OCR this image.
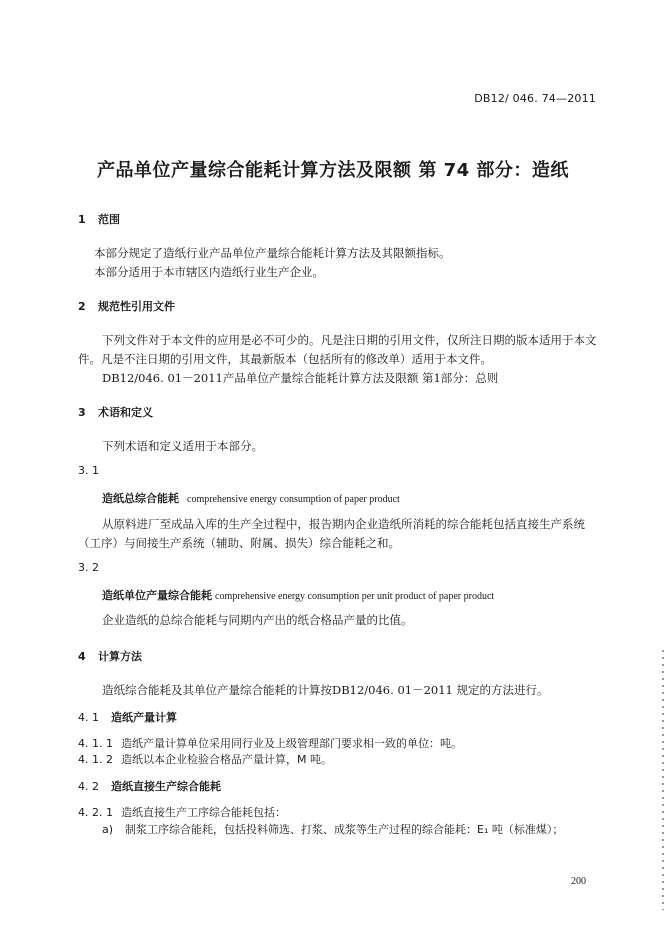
DB12/ 046. 74—2011
产品单位产量综合能耗计算方法及限额 第 74 部分：造纸
1 范围
本部分规定了造纸行业产品单位产量综合能耗计算方法及其限额指标。
本部分适用于本市辖区内造纸行业生产企业。
2 规范性引用文件
下列文件对于本文件的应用是必不可少的。凡是注日期的引用文件，仅所注日期的版本适用于本文
件。凡是不注日期的引用文件，其最新版本（包括所有的修改单）适用于本文件。
DB12/046. 01－2011产品单位产量综合能耗计算方法及限额 第1部分：总则
3 术语和定义
下列术语和定义适用于本部分。
3. 1
造纸总综合能耗 comprehensive energy consumption of paper product
从原料进厂至成品入库的生产全过程中，报告期内企业造纸所消耗的综合能耗包括直接生产系统
（工序）与间接生产系统（辅助、附属、损失）综合能耗之和。
3. 2
造纸单位产量综合能耗 comprehensive energy consumption per unit product of paper product
企业造纸的总综合能耗与同期内产出的纸合格品产量的比值。
4 计算方法
造纸综合能耗及其单位产量综合能耗的计算按DB12/046. 01－2011 规定的方法进行。
4. 1 造纸产量计算
4. 1. 1 造纸产量计算单位采用同行业及上级管理部门要求相一致的单位：吨。
4. 1. 2 造纸以本企业检验合格品产量计算，M 吨。
4. 2 造纸直接生产综合能耗
4. 2. 1 造纸直接生产工序综合能耗包括：
a) 制浆工序综合能耗，包括投料筛选、打浆、成浆等生产过程的综合能耗：E₁ 吨（标准煤）；
200
